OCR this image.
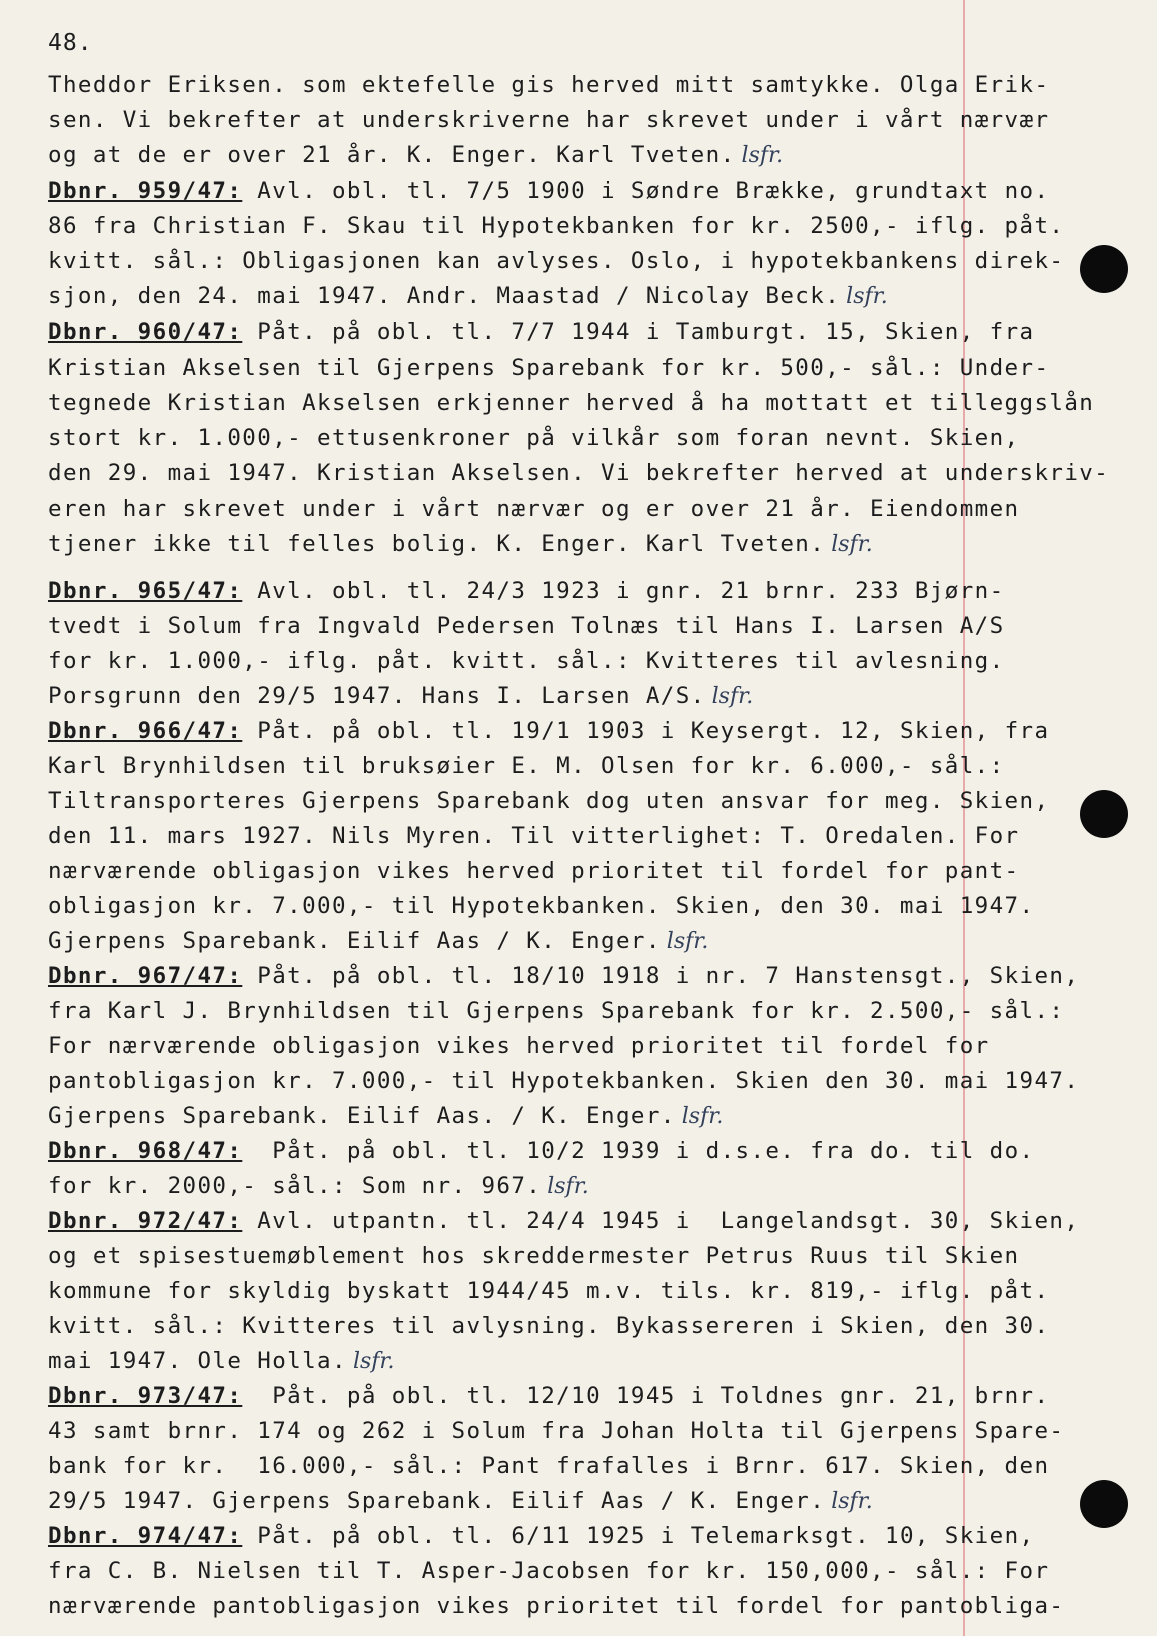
48.
Theddor Eriksen. som ektefelle gis herved mitt samtykke. Olga Erik-
sen. Vi bekrefter at underskriverne har skrevet under i vårt nærvær
og at de er over 21 år. K. Enger. Karl Tveten. lsfr.
Dbnr. 959/47: Avl. obl. tl. 7/5 1900 i Søndre Brække, grundtaxt no.
86 fra Christian F. Skau til Hypotekbanken for kr. 2500,- iflg. påt.
kvitt. sål.: Obligasjonen kan avlyses. Oslo, i hypotekbankens direk-
sjon, den 24. mai 1947. Andr. Maastad / Nicolay Beck. lsfr.
Dbnr. 960/47: Påt. på obl. tl. 7/7 1944 i Tamburgt. 15, Skien, fra
Kristian Akselsen til Gjerpens Sparebank for kr. 500,- sål.: Under-
tegnede Kristian Akselsen erkjenner herved å ha mottatt et tilleggslån
stort kr. 1.000,- ettusenkroner på vilkår som foran nevnt. Skien,
den 29. mai 1947. Kristian Akselsen. Vi bekrefter herved at underskriv-
eren har skrevet under i vårt nærvær og er over 21 år. Eiendommen
tjener ikke til felles bolig. K. Enger. Karl Tveten. lsfr.
Dbnr. 965/47: Avl. obl. tl. 24/3 1923 i gnr. 21 brnr. 233 Bjørn-
tvedt i Solum fra Ingvald Pedersen Tolnæs til Hans I. Larsen A/S
for kr. 1.000,- iflg. påt. kvitt. sål.: Kvitteres til avlesning.
Porsgrunn den 29/5 1947. Hans I. Larsen A/S. lsfr.
Dbnr. 966/47: Påt. på obl. tl. 19/1 1903 i Keysergt. 12, Skien, fra
Karl Brynhildsen til bruksøier E. M. Olsen for kr. 6.000,- sål.:
Tiltransporteres Gjerpens Sparebank dog uten ansvar for meg. Skien,
den 11. mars 1927. Nils Myren. Til vitterlighet: T. Oredalen. For
nærværende obligasjon vikes herved prioritet til fordel for pant-
obligasjon kr. 7.000,- til Hypotekbanken. Skien, den 30. mai 1947.
Gjerpens Sparebank. Eilif Aas / K. Enger. lsfr.
Dbnr. 967/47: Påt. på obl. tl. 18/10 1918 i nr. 7 Hanstensgt., Skien,
fra Karl J. Brynhildsen til Gjerpens Sparebank for kr. 2.500,- sål.:
For nærværende obligasjon vikes herved prioritet til fordel for
pantobligasjon kr. 7.000,- til Hypotekbanken. Skien den 30. mai 1947.
Gjerpens Sparebank. Eilif Aas. / K. Enger. lsfr.
Dbnr. 968/47:  Påt. på obl. tl. 10/2 1939 i d.s.e. fra do. til do.
for kr. 2000,- sål.: Som nr. 967. lsfr.
Dbnr. 972/47: Avl. utpantn. tl. 24/4 1945 i  Langelandsgt. 30, Skien,
og et spisestuemøblement hos skreddermester Petrus Ruus til Skien
kommune for skyldig byskatt 1944/45 m.v. tils. kr. 819,- iflg. påt.
kvitt. sål.: Kvitteres til avlysning. Bykassereren i Skien, den 30.
mai 1947. Ole Holla. lsfr.
Dbnr. 973/47:  Påt. på obl. tl. 12/10 1945 i Toldnes gnr. 21, brnr.
43 samt brnr. 174 og 262 i Solum fra Johan Holta til Gjerpens Spare-
bank for kr.  16.000,- sål.: Pant frafalles i Brnr. 617. Skien, den
29/5 1947. Gjerpens Sparebank. Eilif Aas / K. Enger. lsfr.
Dbnr. 974/47: Påt. på obl. tl. 6/11 1925 i Telemarksgt. 10, Skien,
fra C. B. Nielsen til T. Asper-Jacobsen for kr. 150,000,- sål.: For
nærværende pantobligasjon vikes prioritet til fordel for pantobliga-
